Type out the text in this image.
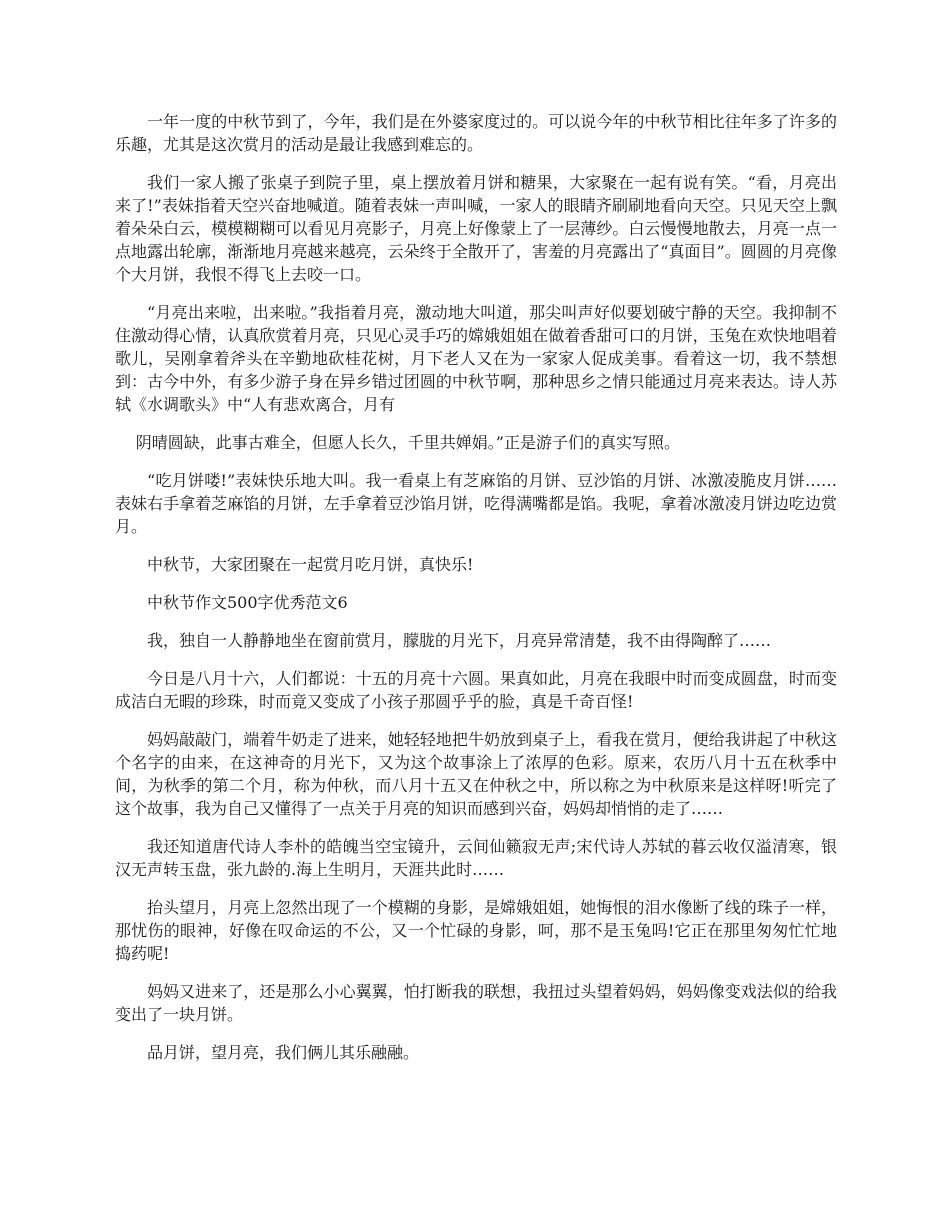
一年一度的中秋节到了，今年，我们是在外婆家度过的。可以说今年的中秋节相比往年多了许多的乐趣，尤其是这次赏月的活动是最让我感到难忘的。

我们一家人搬了张桌子到院子里，桌上摆放着月饼和糖果，大家聚在一起有说有笑。“看，月亮出来了!”表妹指着天空兴奋地喊道。随着表妹一声叫喊，一家人的眼睛齐刷刷地看向天空。只见天空上飘着朵朵白云，模模糊糊可以看见月亮影子，月亮上好像蒙上了一层薄纱。白云慢慢地散去，月亮一点一点地露出轮廓，渐渐地月亮越来越亮，云朵终于全散开了，害羞的月亮露出了“真面目”。圆圆的月亮像个大月饼，我恨不得飞上去咬一口。

“月亮出来啦，出来啦。”我指着月亮，激动地大叫道，那尖叫声好似要划破宁静的天空。我抑制不住激动得心情，认真欣赏着月亮，只见心灵手巧的嫦娥姐姐在做着香甜可口的月饼，玉兔在欢快地唱着歌儿，吴刚拿着斧头在辛勤地砍桂花树，月下老人又在为一家家人促成美事。看着这一切，我不禁想到：古今中外，有多少游子身在异乡错过团圆的中秋节啊，那种思乡之情只能通过月亮来表达。诗人苏轼《水调歌头》中“人有悲欢离合，月有

阴晴圆缺，此事古难全，但愿人长久，千里共婵娟。”正是游子们的真实写照。

“吃月饼喽!”表妹快乐地大叫。我一看桌上有芝麻馅的月饼、豆沙馅的月饼、冰激凌脆皮月饼……表妹右手拿着芝麻馅的月饼，左手拿着豆沙馅月饼，吃得满嘴都是馅。我呢，拿着冰激凌月饼边吃边赏月。

中秋节，大家团聚在一起赏月吃月饼，真快乐!

中秋节作文500字优秀范文6

我，独自一人静静地坐在窗前赏月，朦胧的月光下，月亮异常清楚，我不由得陶醉了……

今日是八月十六，人们都说：十五的月亮十六圆。果真如此，月亮在我眼中时而变成圆盘，时而变成洁白无暇的珍珠，时而竟又变成了小孩子那圆乎乎的脸，真是千奇百怪!

妈妈敲敲门，端着牛奶走了进来，她轻轻地把牛奶放到桌子上，看我在赏月，便给我讲起了中秋这个名字的由来，在这神奇的月光下，又为这个故事涂上了浓厚的色彩。原来，农历八月十五在秋季中间，为秋季的第二个月，称为仲秋，而八月十五又在仲秋之中，所以称之为中秋原来是这样呀!听完了这个故事，我为自己又懂得了一点关于月亮的知识而感到兴奋，妈妈却悄悄的走了……

我还知道唐代诗人李朴的皓魄当空宝镜升，云间仙籁寂无声;宋代诗人苏轼的暮云收仅溢清寒，银汉无声转玉盘，张九龄的.海上生明月，天涯共此时……

抬头望月，月亮上忽然出现了一个模糊的身影，是嫦娥姐姐，她悔恨的泪水像断了线的珠子一样，那忧伤的眼神，好像在叹命运的不公，又一个忙碌的身影，呵，那不是玉兔吗!它正在那里匆匆忙忙地捣药呢!

妈妈又进来了，还是那么小心翼翼，怕打断我的联想，我扭过头望着妈妈，妈妈像变戏法似的给我变出了一块月饼。

品月饼，望月亮，我们俩儿其乐融融。
